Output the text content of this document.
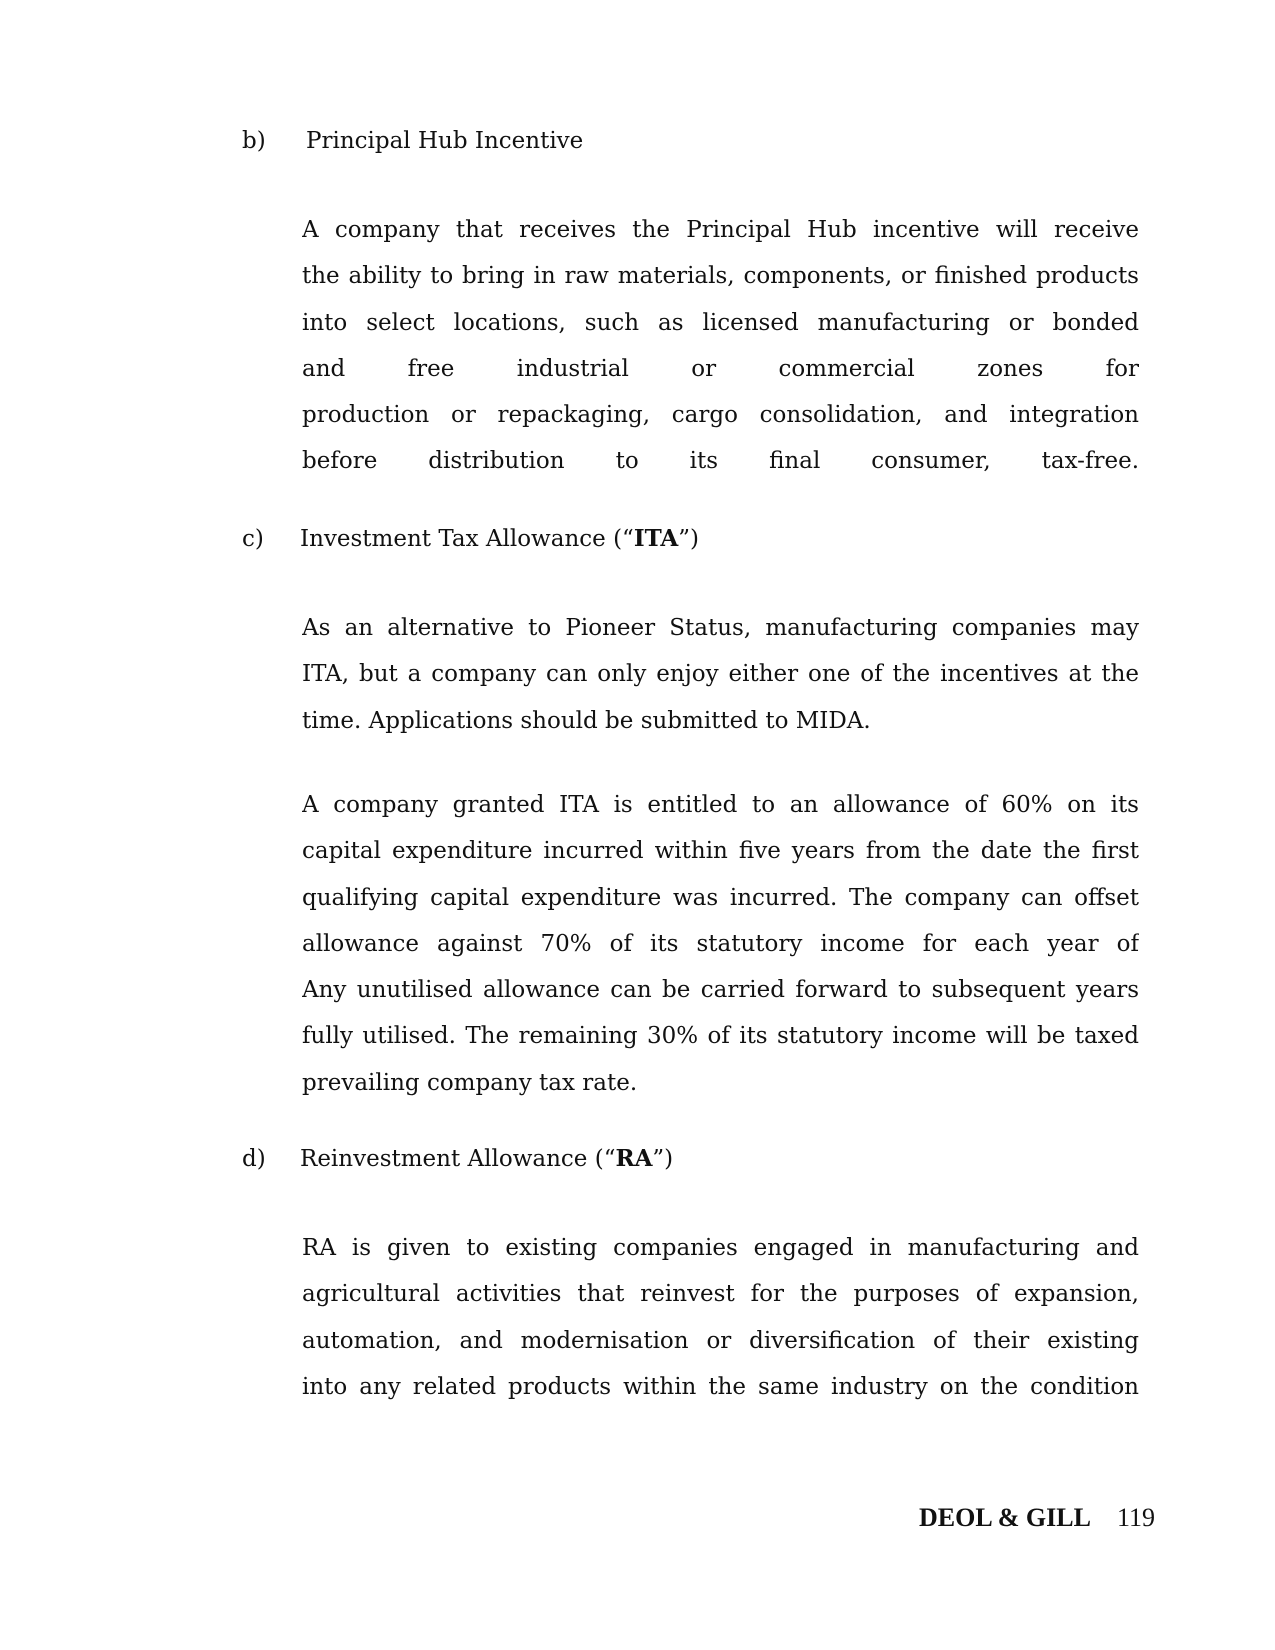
b) Principal Hub Incentive
A company that receives the Principal Hub incentive will receive
the ability to bring in raw materials, components, or finished products
into select locations, such as licensed manufacturing or bonded
and free industrial or commercial zones for
production or repackaging, cargo consolidation, and integration
before distribution to its final consumer, tax-free.
c) Investment Tax Allowance (“ITA”)
As an alternative to Pioneer Status, manufacturing companies may
ITA, but a company can only enjoy either one of the incentives at the
time. Applications should be submitted to MIDA.
A company granted ITA is entitled to an allowance of 60% on its
capital expenditure incurred within five years from the date the first
qualifying capital expenditure was incurred. The company can offset
allowance against 70% of its statutory income for each year of
Any unutilised allowance can be carried forward to subsequent years
fully utilised. The remaining 30% of its statutory income will be taxed
prevailing company tax rate.
d) Reinvestment Allowance (“RA”)
RA is given to existing companies engaged in manufacturing and
agricultural activities that reinvest for the purposes of expansion,
automation, and modernisation or diversification of their existing
into any related products within the same industry on the condition
DEOL & GILL 119
